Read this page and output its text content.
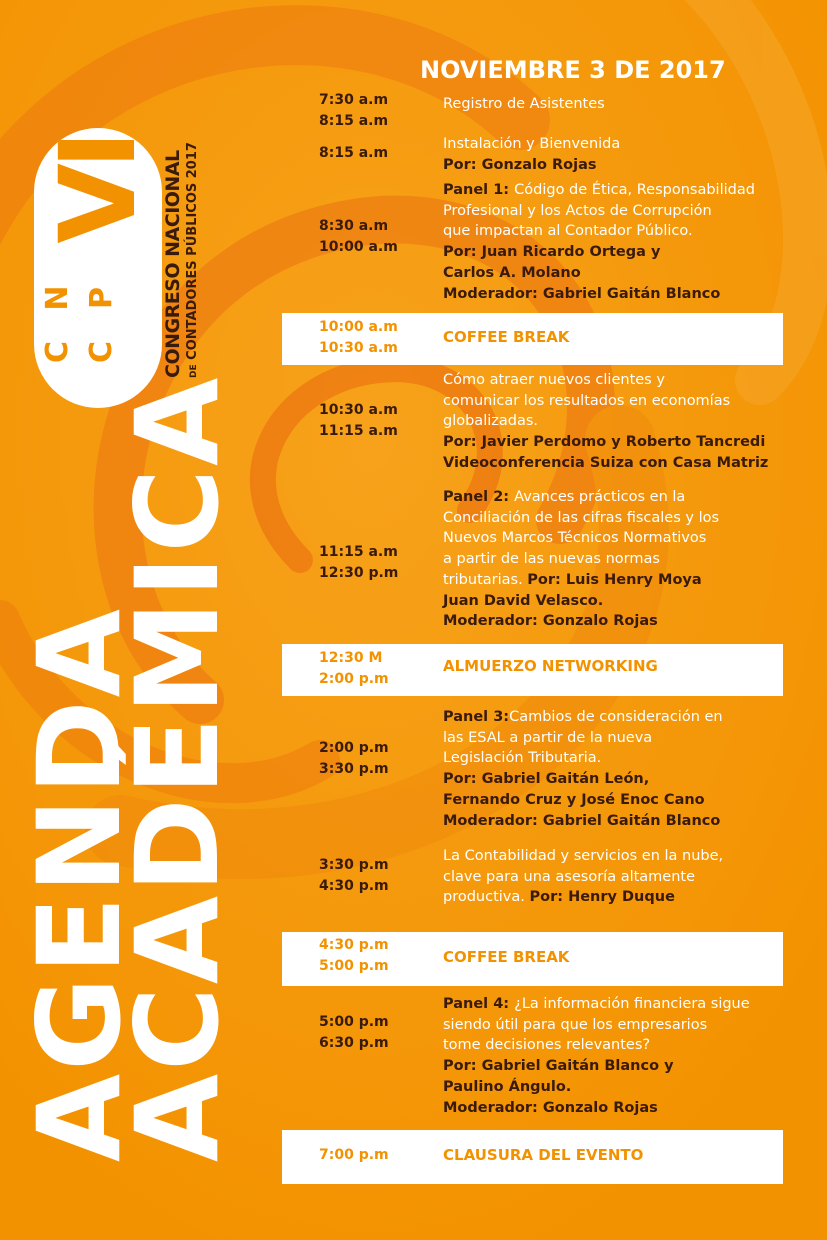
C
N
C
P
VI CONGRESO NACIONAL DE CONTADORES PÚBLICOS 2017
AGENDA
ACADÉMICA
NOVIEMBRE 3 DE 2017
7:30 a.m
8:15 a.m
Registro de Asistentes
8:15 a.m
Instalación y Bienvenida
Por: Gonzalo Rojas
8:30 a.m
10:00 a.m
Panel 1: Código de Ética, Responsabilidad
Profesional y los Actos de Corrupción
que impactan al Contador Público.
Por: Juan Ricardo Ortega y
Carlos A. Molano
Moderador: Gabriel Gaitán Blanco
10:00 a.m
10:30 a.m
COFFEE BREAK
10:30 a.m
11:15 a.m
Cómo atraer nuevos clientes y
comunicar los resultados en economías
globalizadas.
Por: Javier Perdomo y Roberto Tancredi
Videoconferencia Suiza con Casa Matriz
11:15 a.m
12:30 p.m
Panel 2: Avances prácticos en la
Conciliación de las cifras fiscales y los
Nuevos Marcos Técnicos Normativos
a partir de las nuevas normas
tributarias. Por: Luis Henry Moya
Juan David Velasco.
Moderador: Gonzalo Rojas
12:30 M
2:00 p.m
ALMUERZO NETWORKING
2:00 p.m
3:30 p.m
Panel 3:Cambios de consideración en
las ESAL a partir de la nueva
Legislación Tributaria.
Por: Gabriel Gaitán León,
Fernando Cruz y José Enoc Cano
Moderador: Gabriel Gaitán Blanco
3:30 p.m
4:30 p.m
La Contabilidad y servicios en la nube,
clave para una asesoría altamente
productiva. Por: Henry Duque
4:30 p.m
5:00 p.m	COFFEE BREAK
5:00 p.m
6:30 p.m
Panel 4: ¿La información financiera sigue
siendo útil para que los empresarios
tome decisiones relevantes?
Por: Gabriel Gaitán Blanco y
Paulino Ángulo.
Moderador: Gonzalo Rojas
7:00 p.m	CLAUSURA DEL EVENTO
